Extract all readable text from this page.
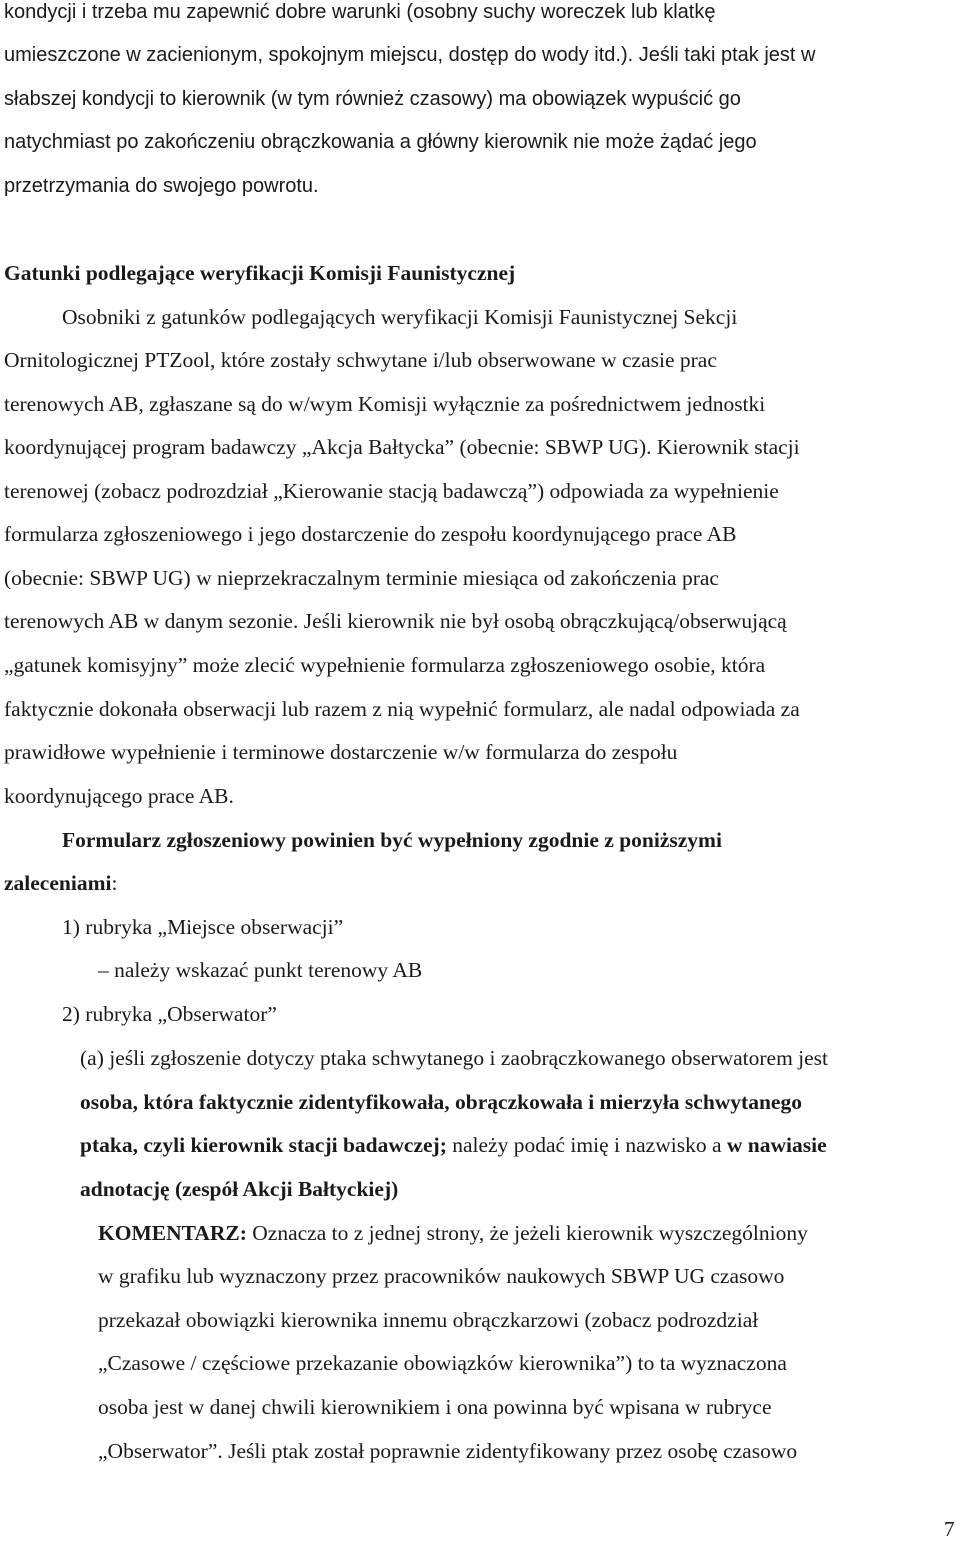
kondycji i trzeba mu zapewnić dobre warunki (osobny suchy woreczek lub klatkę
umieszczone w zacienionym, spokojnym miejscu, dostęp do wody itd.). Jeśli taki ptak jest w
słabszej kondycji to kierownik (w tym również czasowy) ma obowiązek wypuścić go
natychmiast po zakończeniu obrączkowania a główny kierownik nie może żądać jego
przetrzymania do swojego powrotu.
Gatunki podlegające weryfikacji Komisji Faunistycznej
Osobniki z gatunków podlegających weryfikacji Komisji Faunistycznej Sekcji
Ornitologicznej PTZool, które zostały schwytane i/lub obserwowane w czasie prac
terenowych AB, zgłaszane są do w/wym Komisji wyłącznie za pośrednictwem jednostki
koordynującej program badawczy „Akcja Bałtycka” (obecnie: SBWP UG). Kierownik stacji
terenowej (zobacz podrozdział „Kierowanie stacją badawczą”) odpowiada za wypełnienie
formularza zgłoszeniowego i jego dostarczenie do zespołu koordynującego prace AB
(obecnie: SBWP UG) w nieprzekraczalnym terminie miesiąca od zakończenia prac
terenowych AB w danym sezonie. Jeśli kierownik nie był osobą obrączkującą/obserwującą
„gatunek komisyjny” może zlecić wypełnienie formularza zgłoszeniowego osobie, która
faktycznie dokonała obserwacji lub razem z nią wypełnić formularz, ale nadal odpowiada za
prawidłowe wypełnienie i terminowe dostarczenie w/w formularza do zespołu
koordynującego prace AB.
Formularz zgłoszeniowy powinien być wypełniony zgodnie z poniższymi
zaleceniami:
1) rubryka „Miejsce obserwacji”
– należy wskazać punkt terenowy AB
2) rubryka „Obserwator”
(a) jeśli zgłoszenie dotyczy ptaka schwytanego i zaobrączkowanego obserwatorem jest
osoba, która faktycznie zidentyfikowała, obrączkowała i mierzyła schwytanego
ptaka, czyli kierownik stacji badawczej; należy podać imię i nazwisko a w nawiasie
adnotację (zespół Akcji Bałtyckiej)
KOMENTARZ: Oznacza to z jednej strony, że jeżeli kierownik wyszczególniony
w grafiku lub wyznaczony przez pracowników naukowych SBWP UG czasowo
przekazał obowiązki kierownika innemu obrączkarzowi (zobacz podrozdział
„Czasowe / częściowe przekazanie obowiązków kierownika”) to ta wyznaczona
osoba jest w danej chwili kierownikiem i ona powinna być wpisana w rubryce
„Obserwator”. Jeśli ptak został poprawnie zidentyfikowany przez osobę czasowo
7
